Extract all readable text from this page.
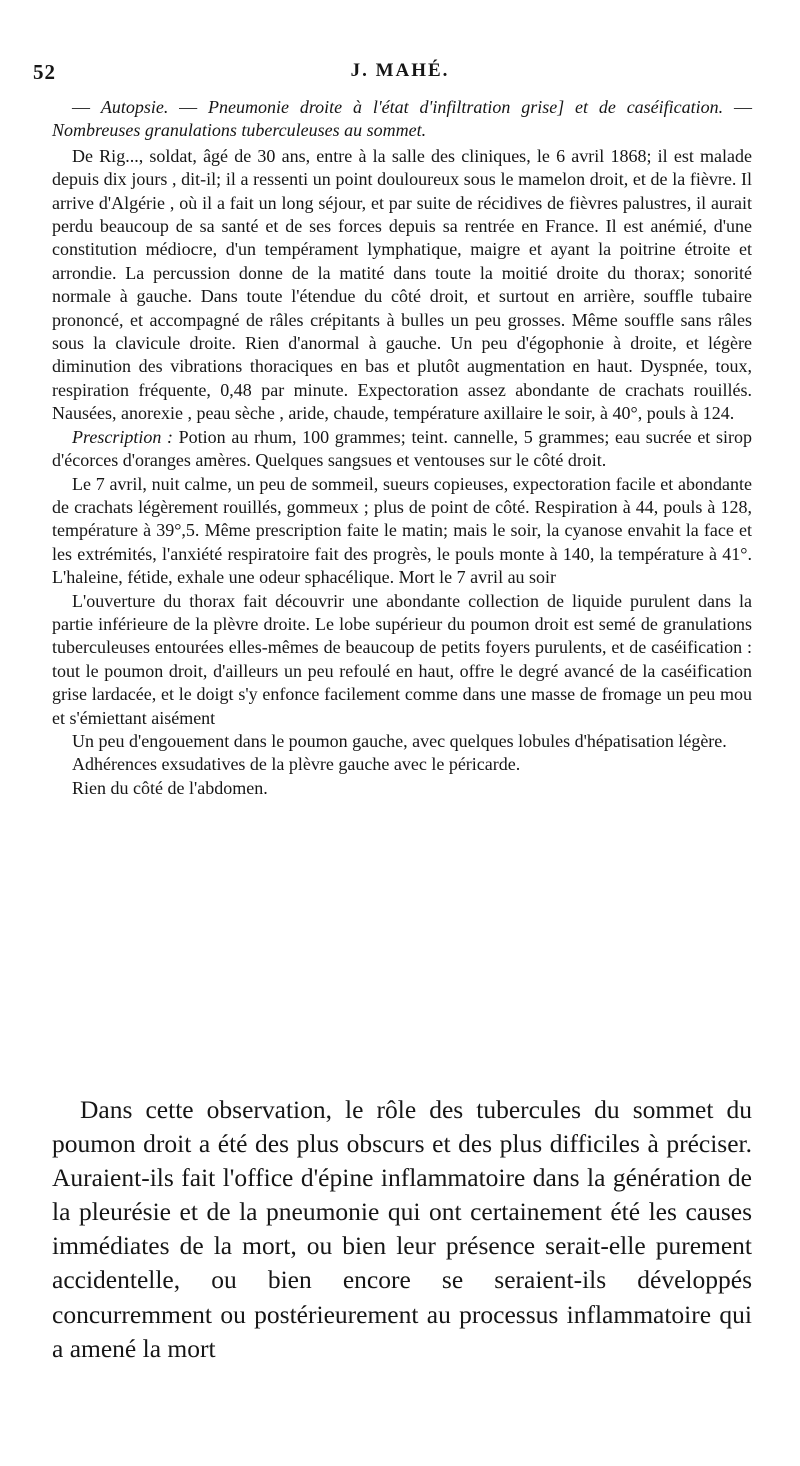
52	J. MAHÉ.

— Autopsie. — Pneumonie droite à l'état d'infiltration grise] et de caséification. — Nombreuses granulations tuberculeuses au sommet.

De Rig..., soldat, âgé de 30 ans, entre à la salle des cliniques, le 6 avril 1868; il est malade depuis dix jours , dit-il; il a ressenti un point douloureux sous le mamelon droit, et de la fièvre. Il arrive d'Algérie , où il a fait un long séjour, et par suite de récidives de fièvres palustres, il aurait perdu beaucoup de sa santé et de ses forces depuis sa rentrée en France. Il est anémié, d'une constitution médiocre, d'un tempérament lymphatique, maigre et ayant la poitrine étroite et arrondie. La percussion donne de la matité dans toute la moitié droite du thorax; sonorité normale à gauche. Dans toute l'étendue du côté droit, et surtout en arrière, souffle tubaire prononcé, et accompagné de râles crépitants à bulles un peu grosses. Même souffle sans râles sous la clavicule droite. Rien d'anormal à gauche. Un peu d'égophonie à droite, et légère diminution des vibrations thoraciques en bas et plutôt augmentation en haut. Dyspnée, toux, respiration fréquente, 0,48 par minute. Expectoration assez abondante de crachats rouillés. Nausées, anorexie , peau sèche , aride, chaude, température axillaire le soir, à 40°, pouls à 124.

Prescription : Potion au rhum, 100 grammes; teint. cannelle, 5 grammes; eau sucrée et sirop d'écorces d'oranges amères. Quelques sangsues et ventouses sur le côté droit.

Le 7 avril, nuit calme, un peu de sommeil, sueurs copieuses, expectoration facile et abondante de crachats légèrement rouillés, gommeux ; plus de point de côté. Respiration à 44, pouls à 128, température à 39°,5. Même prescription faite le matin; mais le soir, la cyanose envahit la face et les extrémités, l'anxiété respiratoire fait des progrès, le pouls monte à 140, la température à 41°. L'haleine, fétide, exhale une odeur sphacélique. Mort le 7 avril au soir

L'ouverture du thorax fait découvrir une abondante collection de liquide purulent dans la partie inférieure de la plèvre droite. Le lobe supérieur du poumon droit est semé de granulations tuberculeuses entourées elles-mêmes de beaucoup de petits foyers purulents, et de caséification : tout le poumon droit, d'ailleurs un peu refoulé en haut, offre le degré avancé de la caséification grise lardacée, et le doigt s'y enfonce facilement comme dans une masse de fromage un peu mou et s'émiettant aisément

Un peu d'engouement dans le poumon gauche, avec quelques lobules d'hépatisation légère.

Adhérences exsudatives de la plèvre gauche avec le péricarde.

Rien du côté de l'abdomen.

Dans cette observation, le rôle des tubercules du sommet du poumon droit a été des plus obscurs et des plus difficiles à préciser. Auraient-ils fait l'office d'épine inflammatoire dans la génération de la pleurésie et de la pneumonie qui ont certainement été les causes immédiates de la mort, ou bien leur présence serait-elle purement accidentelle, ou bien encore se seraient-ils développés concurremment ou postérieurement au processus inflammatoire qui a amené la mort
